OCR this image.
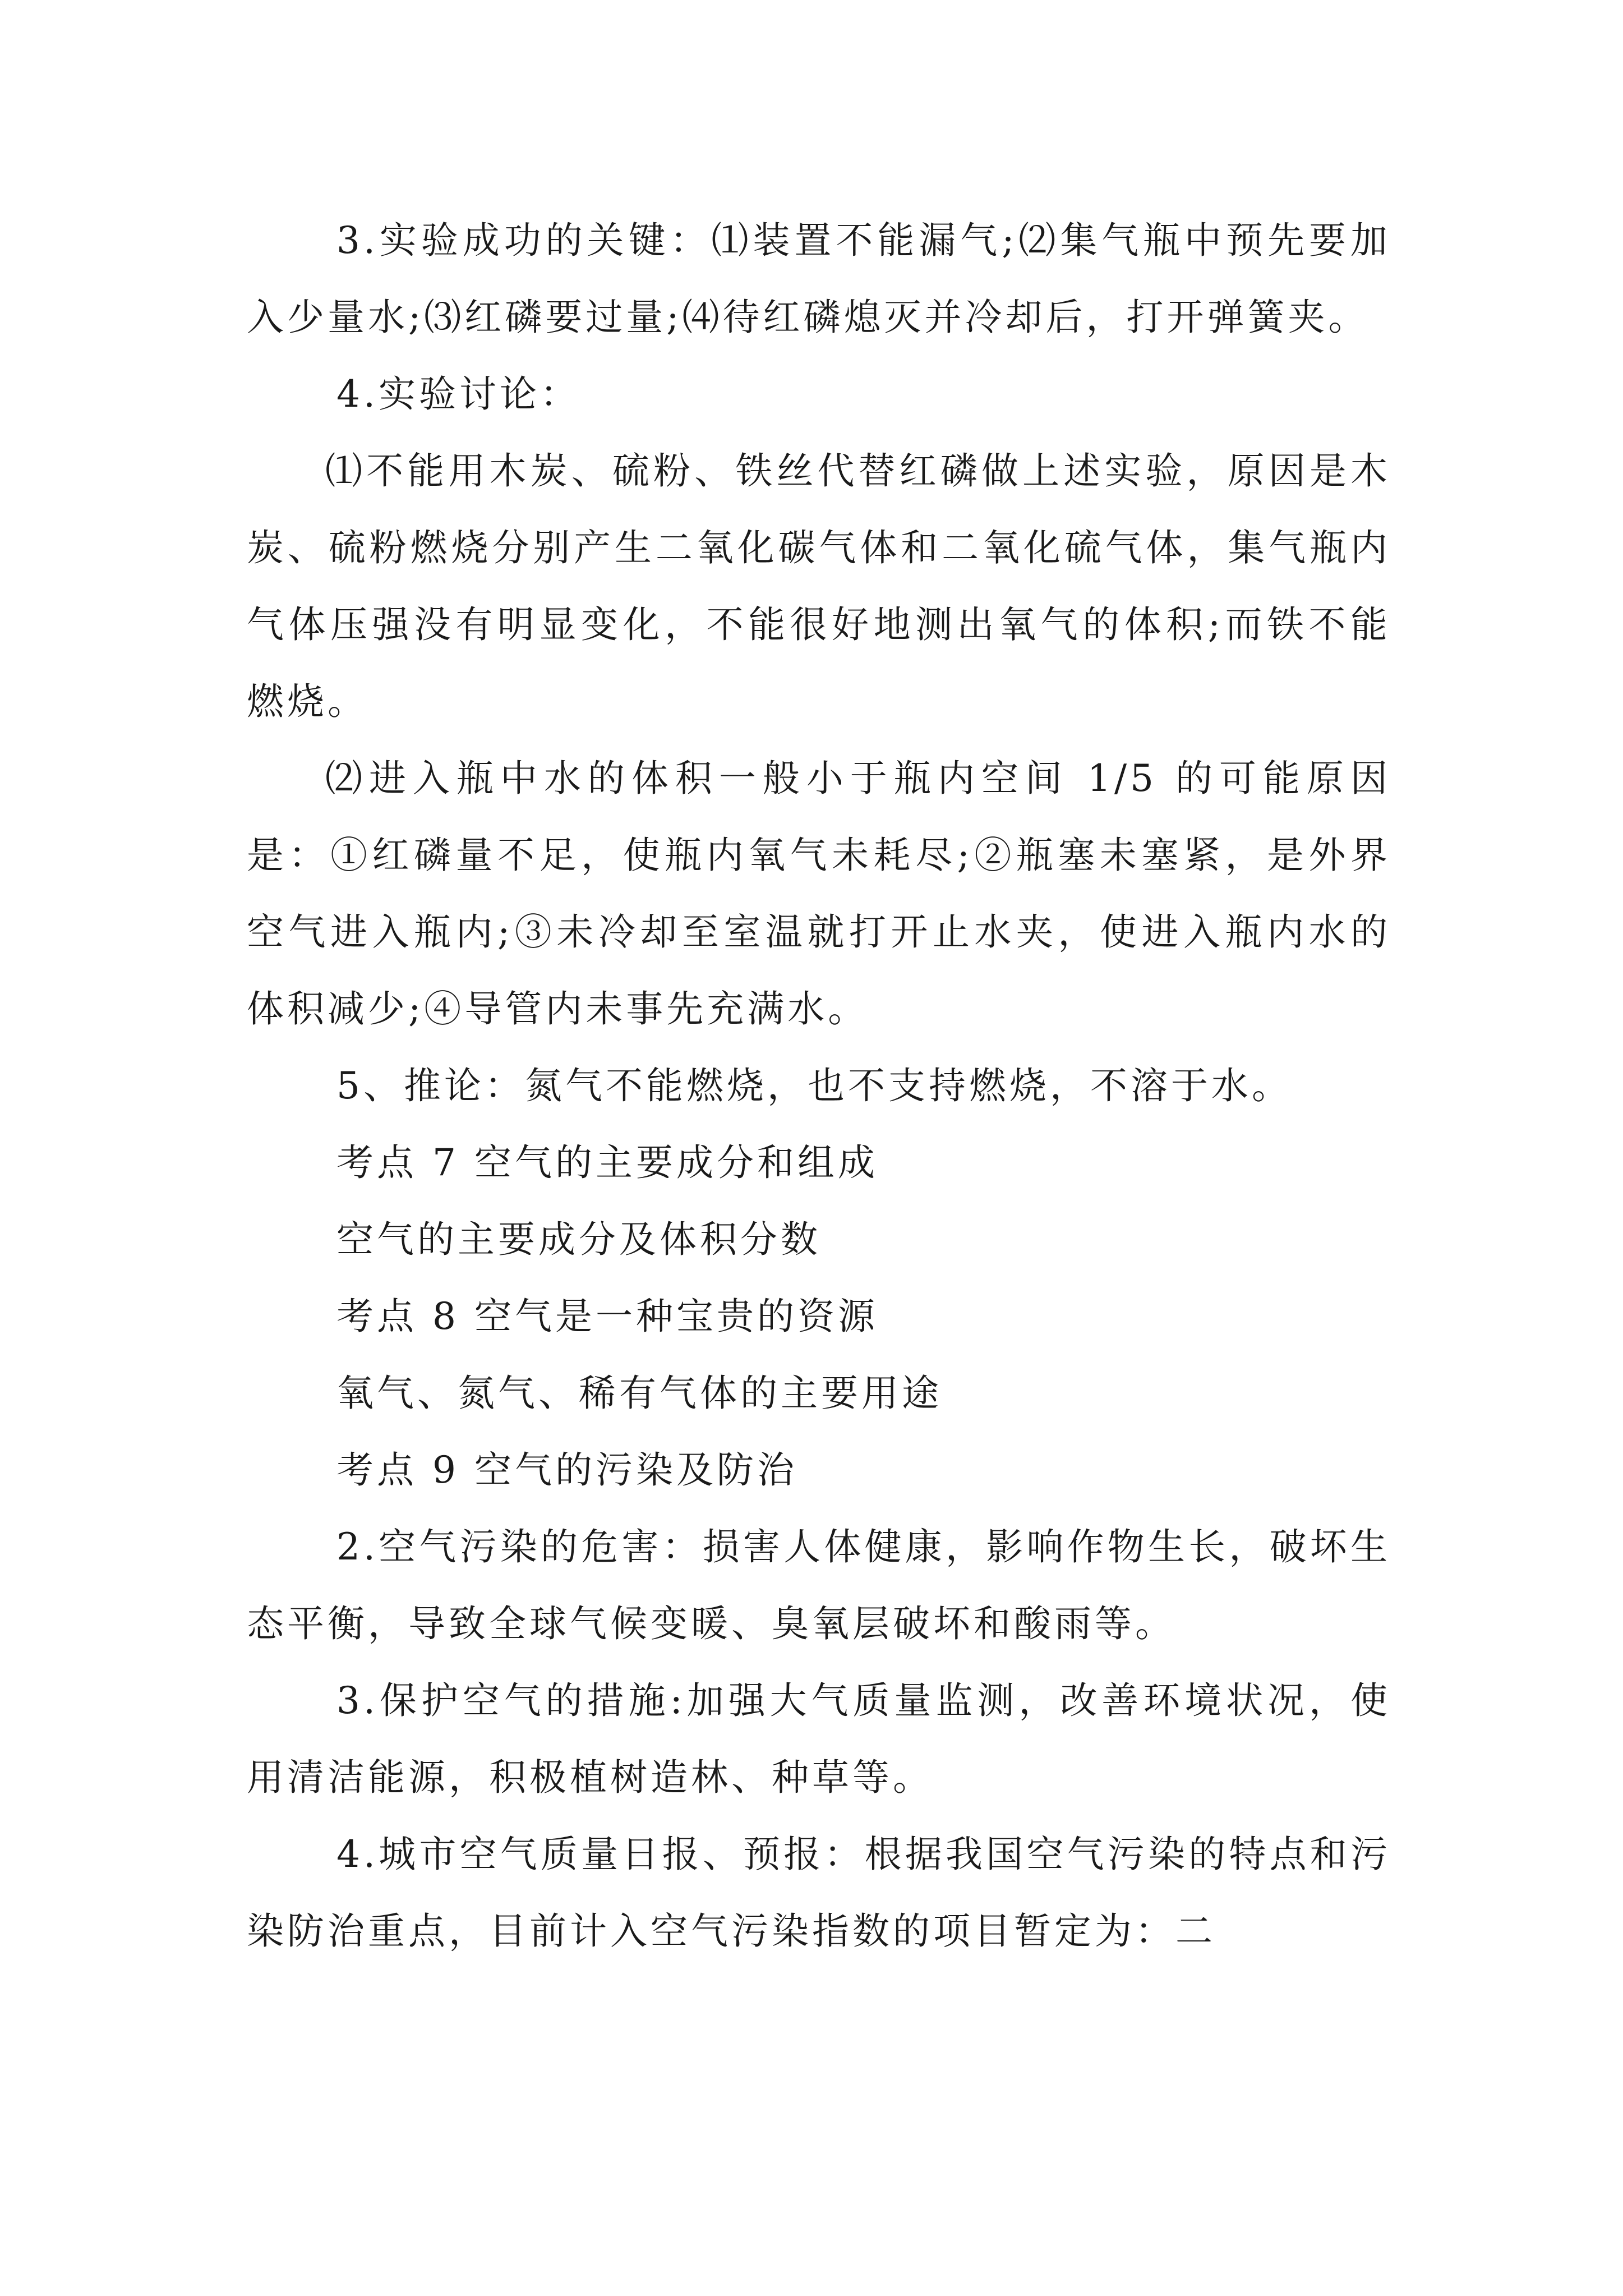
3.实验成功的关键：⑴装置不能漏气;⑵集气瓶中预先要加入少量水;⑶红磷要过量;⑷待红磷熄灭并冷却后，打开弹簧夹。

4.实验讨论：

⑴不能用木炭、硫粉、铁丝代替红磷做上述实验，原因是木炭、硫粉燃烧分别产生二氧化碳气体和二氧化硫气体，集气瓶内气体压强没有明显变化，不能很好地测出氧气的体积;而铁不能燃烧。

⑵进入瓶中水的体积一般小于瓶内空间 1/5 的可能原因是：①红磷量不足，使瓶内氧气未耗尽;②瓶塞未塞紧，是外界空气进入瓶内;③未冷却至室温就打开止水夹，使进入瓶内水的体积减少;④导管内未事先充满水。

5、推论：氮气不能燃烧，也不支持燃烧，不溶于水。

考点 7 空气的主要成分和组成

空气的主要成分及体积分数

考点 8 空气是一种宝贵的资源

氧气、氮气、稀有气体的主要用途

考点 9 空气的污染及防治

2.空气污染的危害：损害人体健康，影响作物生长，破坏生态平衡，导致全球气候变暖、臭氧层破坏和酸雨等。

3.保护空气的措施:加强大气质量监测，改善环境状况，使用清洁能源，积极植树造林、种草等。

4.城市空气质量日报、预报：根据我国空气污染的特点和污染防治重点，目前计入空气污染指数的项目暂定为：二
